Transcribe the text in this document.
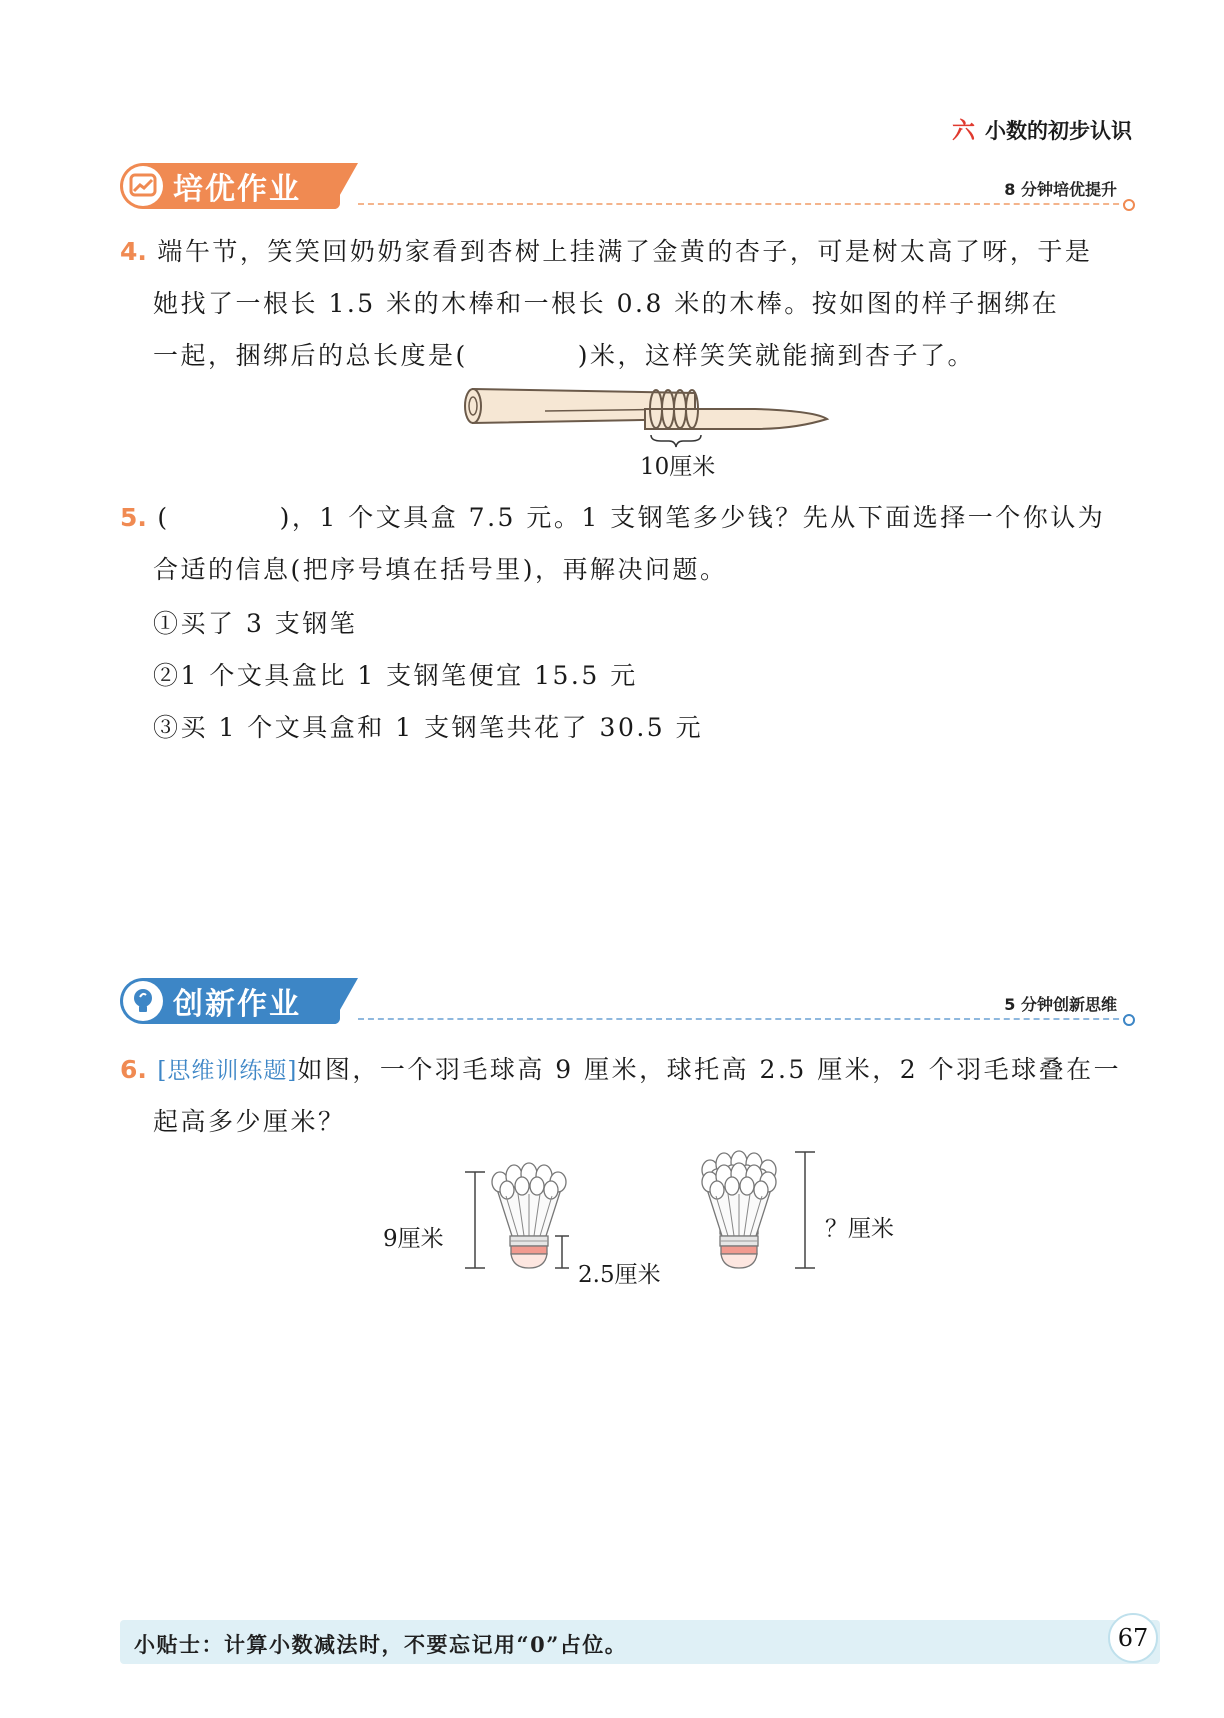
六 小数的初步认识
培优作业	8 分钟培优提升
4. 端午节，笑笑回奶奶家看到杏树上挂满了金黄的杏子，可是树太高了呀，于是
她找了一根长 1.5 米的木棒和一根长 0.8 米的木棒。按如图的样子捆绑在
一起，捆绑后的总长度是(　　　　)米，这样笑笑就能摘到杏子了。
10厘米
5. (　　　　)，1 个文具盒 7.5 元。1 支钢笔多少钱？先从下面选择一个你认为
合适的信息(把序号填在括号里)，再解决问题。
①买了 3 支钢笔
②1 个文具盒比 1 支钢笔便宜 15.5 元
③买 1 个文具盒和 1 支钢笔共花了 30.5 元
创新作业	5 分钟创新思维
6. [思维训练题]如图，一个羽毛球高 9 厘米，球托高 2.5 厘米，2 个羽毛球叠在一
起高多少厘米？
9厘米
2.5厘米
？厘米
小贴士：计算小数减法时，不要忘记用“0”占位。	67
